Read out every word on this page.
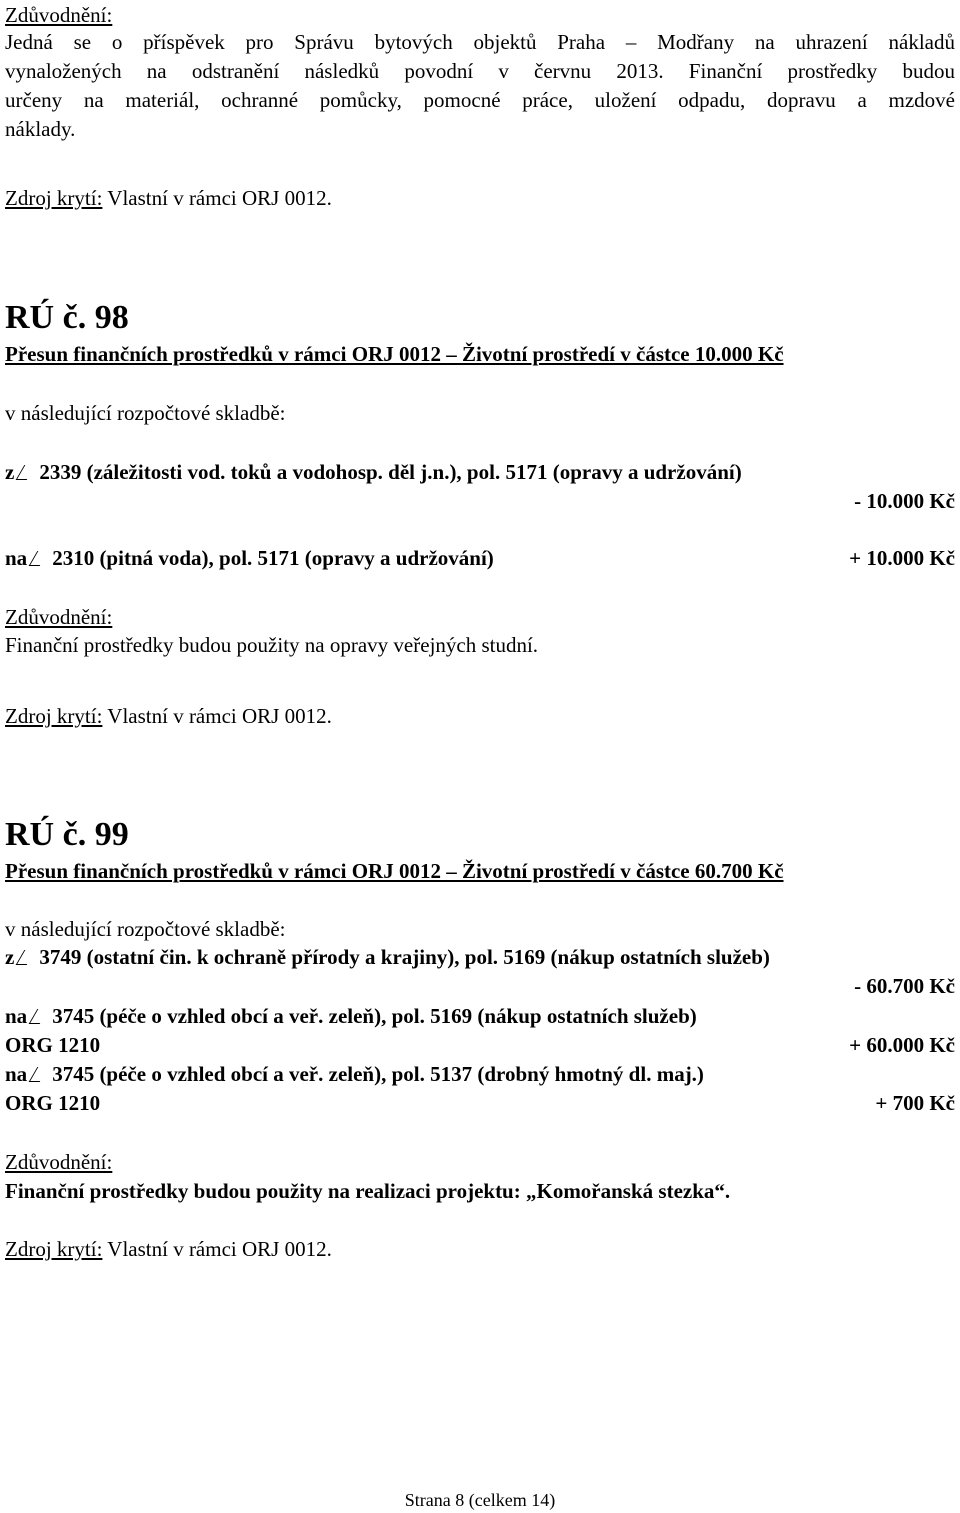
Zdůvodnění:
Jedná se o příspěvek pro Správu bytových objektů Praha – Modřany na uhrazení nákladů
vynaložených na odstranění následků povodní v červnu 2013. Finanční prostředky budou
určeny na materiál, ochranné pomůcky, pomocné práce, uložení odpadu, dopravu a mzdové
náklady.
Zdroj krytí: Vlastní v rámci ORJ 0012.
RÚ č. 98
Přesun finančních prostředků v rámci ORJ 0012 – Životní prostředí v částce 10.000 Kč
v následující rozpočtové skladbě:
z 2339 (záležitosti vod. toků a vodohosp. děl j.n.), pol. 5171 (opravy a udržování)
- 10.000 Kč
na 2310 (pitná voda), pol. 5171 (opravy a udržování)	+ 10.000 Kč
Zdůvodnění:
Finanční prostředky budou použity na opravy veřejných studní.
Zdroj krytí: Vlastní v rámci ORJ 0012.
RÚ č. 99
Přesun finančních prostředků v rámci ORJ 0012 – Životní prostředí v částce 60.700 Kč
v následující rozpočtové skladbě:
z 3749 (ostatní čin. k ochraně přírody a krajiny), pol. 5169 (nákup ostatních služeb)
- 60.700 Kč
na 3745 (péče o vzhled obcí a veř. zeleň), pol. 5169 (nákup ostatních služeb)
ORG 1210	+ 60.000 Kč
na 3745 (péče o vzhled obcí a veř. zeleň), pol. 5137 (drobný hmotný dl. maj.)
ORG 1210	+ 700 Kč
Zdůvodnění:
Finanční prostředky budou použity na realizaci projektu: „Komořanská stezka“.
Zdroj krytí: Vlastní v rámci ORJ 0012.
Strana 8 (celkem 14)
